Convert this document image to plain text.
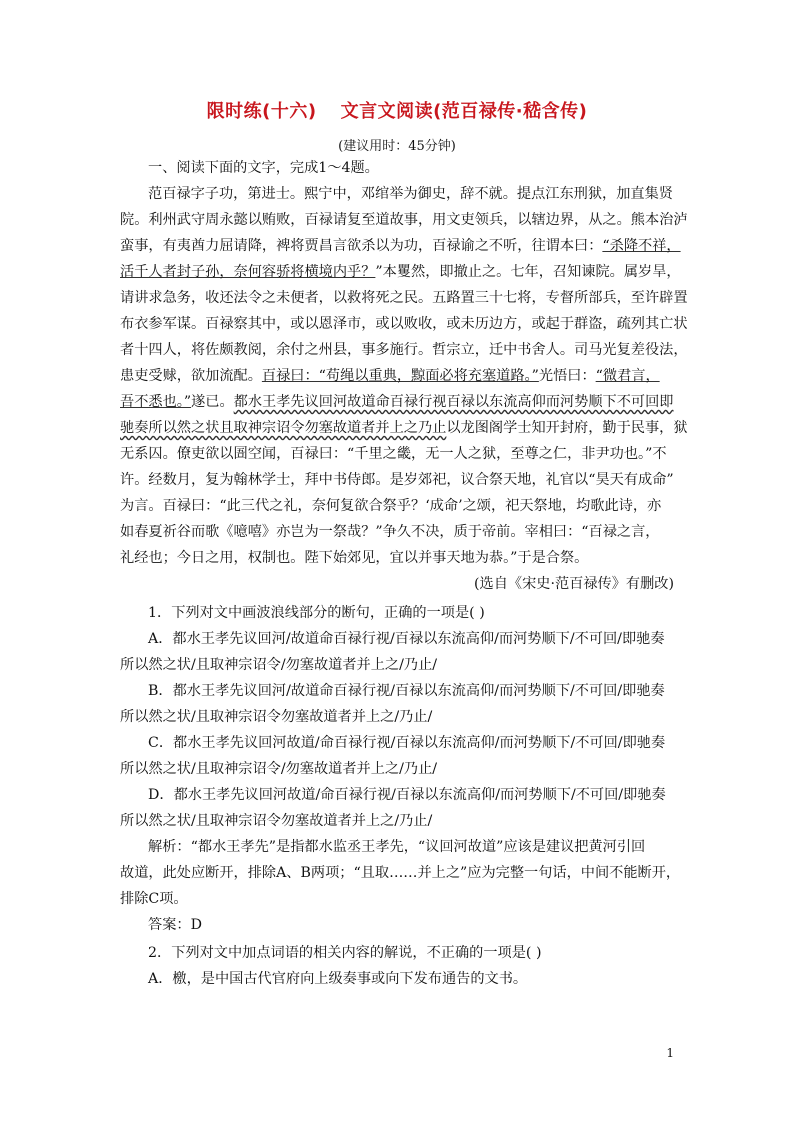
限时练(十六) 文言文阅读(范百禄传·嵇含传)
(建议用时：45分钟)
一、阅读下面的文字，完成1～4题。
范百禄字子功，第进士。熙宁中，邓绾举为御史，辞不就。提点江东刑狱，加直集贤
院。利州武守周永懿以贿败，百禄请复至道故事，用文吏领兵，以辖边界，从之。熊本治泸
蛮事，有夷酋力屈请降，裨将贾昌言欲杀以为功，百禄谕之不听，往谓本曰：“杀降不祥，
活千人者封子孙，奈何容骄将横境内乎？”本矍然，即撤止之。七年，召知谏院。属岁旱，
请讲求急务，收还法令之未便者，以救将死之民。五路置三十七将，专督所部兵，至许辟置
布衣参军谋。百禄察其中，或以恩泽市，或以败收，或未历边方，或起于群盗，疏列其亡状
者十四人，将佐颇教阅，余付之州县，事多施行。哲宗立，迁中书舍人。司马光复差役法，
患吏受赇，欲加流配。百禄曰：“苟绳以重典，黥面必将充塞道路。”光悟曰：“微君言，
吾不悉也。”遂已。都水王孝先议回河故道命百禄行视百禄以东流高仰而河势顺下不可回即
驰奏所以然之状且取神宗诏令勿塞故道者并上之乃止以龙图阁学士知开封府，勤于民事，狱
无系囚。僚吏欲以圄空闻，百禄曰：“千里之畿，无一人之狱，至尊之仁，非尹功也。”不
许。经数月，复为翰林学士，拜中书侍郎。是岁郊祀，议合祭天地，礼官以“昊天有成命”
为言。百禄曰：“此三代之礼，奈何复欲合祭乎？‘成命’之颂，祀天祭地，均歌此诗，亦
如春夏祈谷而歌《噫嘻》亦岂为一祭哉？”争久不决，质于帝前。宰相曰：“百禄之言，
礼经也；今日之用，权制也。陛下始郊见，宜以并事天地为恭。”于是合祭。
(选自《宋史·范百禄传》有删改)
1．下列对文中画波浪线部分的断句，正确的一项是( )
A．都水王孝先议回河/故道命百禄行视/百禄以东流高仰/而河势顺下/不可回/即驰奏
所以然之状/且取神宗诏令/勿塞故道者并上之/乃止/
B．都水王孝先议回河/故道命百禄行视/百禄以东流高仰/而河势顺下/不可回/即驰奏
所以然之状/且取神宗诏令勿塞故道者并上之/乃止/
C．都水王孝先议回河故道/命百禄行视/百禄以东流高仰/而河势顺下/不可回/即驰奏
所以然之状/且取神宗诏令/勿塞故道者并上之/乃止/
D．都水王孝先议回河故道/命百禄行视/百禄以东流高仰/而河势顺下/不可回/即驰奏
所以然之状/且取神宗诏令勿塞故道者并上之/乃止/
解析：“都水王孝先”是指都水监丞王孝先，“议回河故道”应该是建议把黄河引回
故道，此处应断开，排除A、B两项；“且取……并上之”应为完整一句话，中间不能断开，
排除C项。
答案：D
2．下列对文中加点词语的相关内容的解说，不正确的一项是( )
A．檄，是中国古代官府向上级奏事或向下发布通告的文书。
1
